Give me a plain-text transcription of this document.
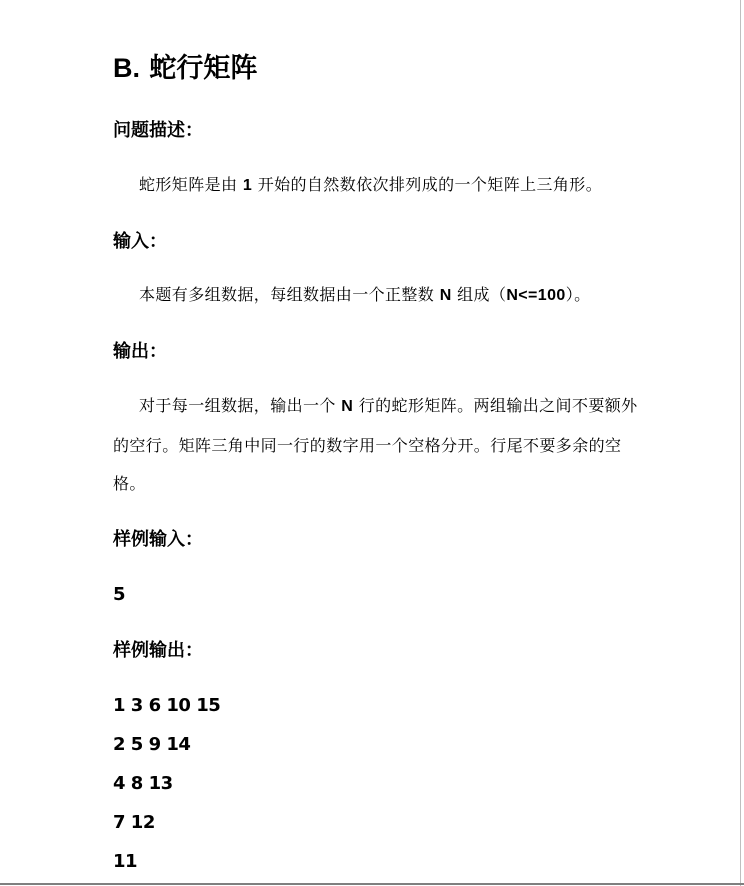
B. 蛇行矩阵
问题描述：
蛇形矩阵是由 1 开始的自然数依次排列成的一个矩阵上三角形。
输入：
本题有多组数据，每组数据由一个正整数 N 组成（N<=100）。
输出：
对于每一组数据，输出一个 N 行的蛇形矩阵。两组输出之间不要额外的空行。矩阵三角中同一行的数字用一个空格分开。行尾不要多余的空格。
样例输入：
5
样例输出：
1 3 6 10 15
2 5 9 14
4 8 13
7 12
11
